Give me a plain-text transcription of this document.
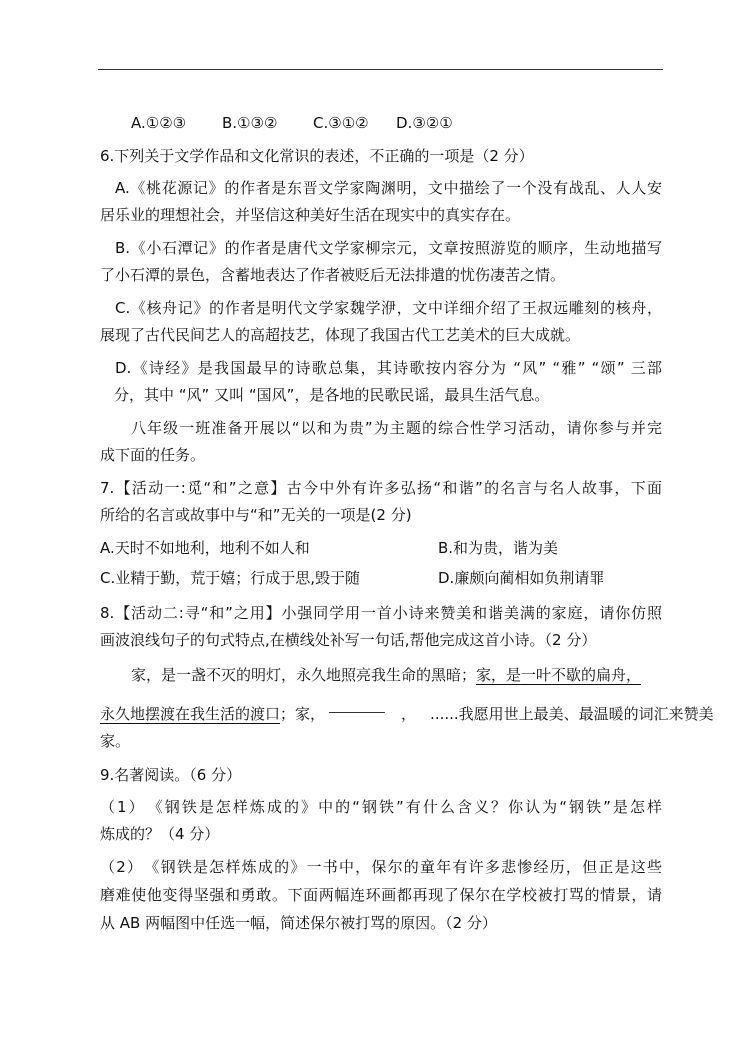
A.①②③ B.①③② C.③①② D.③②①
6.下列关于文学作品和文化常识的表述，不正确的一项是（2 分）
A.《桃花源记》的作者是东晋文学家陶渊明，文中描绘了一个没有战乱、人人安
居乐业的理想社会，并坚信这种美好生活在现实中的真实存在。
B.《小石潭记》的作者是唐代文学家柳宗元，文章按照游览的顺序，生动地描写
了小石潭的景色，含蓄地表达了作者被贬后无法排遣的忧伤凄苦之情。
C.《核舟记》的作者是明代文学家魏学洢，文中详细介绍了王叔远雕刻的核舟，
展现了古代民间艺人的高超技艺，体现了我国古代工艺美术的巨大成就。
D.《诗经》是我国最早的诗歌总集，其诗歌按内容分为 “风” “雅” “颂” 三部
分，其中 “风” 又叫 “国风”，是各地的民歌民谣，最具生活气息。
八年级一班准备开展以“以和为贵”为主题的综合性学习活动，请你参与并完
成下面的任务。
7.【活动一:觅“和”之意】古今中外有许多弘扬“和谐”的名言与名人故事，下面
所给的名言或故事中与“和”无关的一项是(2 分)
A.天时不如地利，地利不如人和	B.和为贵，谐为美
C.业精于勤，荒于嬉；行成于思,毁于随	D.廉颇向蔺相如负荆请罪
8.【活动二:寻“和”之用】小强同学用一首小诗来赞美和谐美满的家庭，请你仿照
画波浪线句子的句式特点,在横线处补写一句话,帮他完成这首小诗。（2 分）
家，是一盏不灭的明灯，永久地照亮我生命的黑暗；家，是一叶不歇的扁舟，
永久地摆渡在我生活的渡口；家，	， ......我愿用世上最美、最温暖的词汇来赞美
家。
9.名著阅读。（6 分）
（1）　《钢铁是怎样炼成的》中的“钢铁”有什么含义？你认为“钢铁”是怎样
炼成的？（4 分）
（2）　《钢铁是怎样炼成的》一书中，保尔的童年有许多悲惨经历，但正是这些
磨难使他变得坚强和勇敢。下面两幅连环画都再现了保尔在学校被打骂的情景，请
从 AB 两幅图中任选一幅，简述保尔被打骂的原因。（2 分）
